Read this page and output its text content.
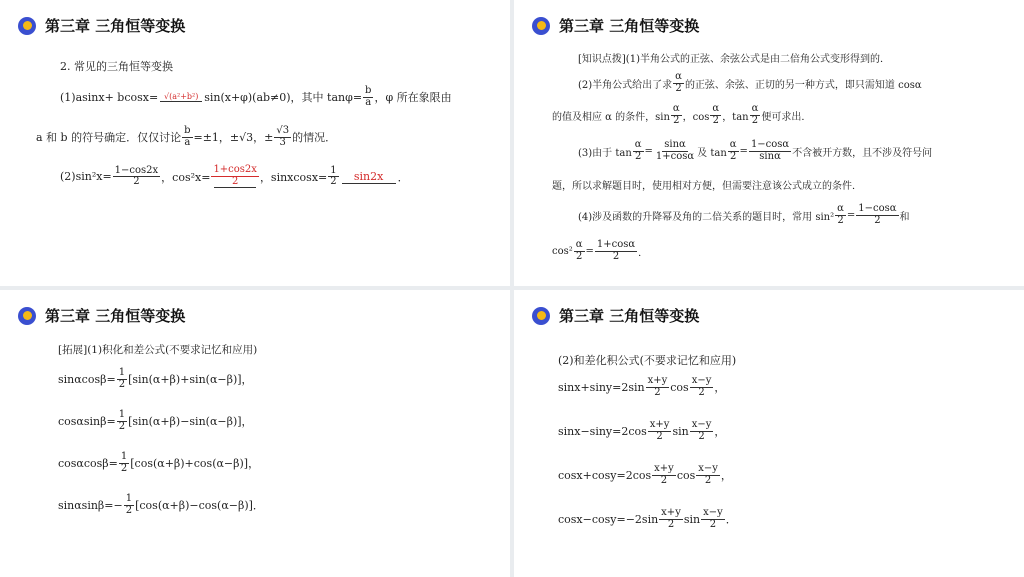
第三章 三角恒等变换
2. 常见的三角恒等变换
(1)asinx+ bcosx= √(a²+b²) sin(x+φ)(ab≠0)，其中 $\tan\varphi= \frac{b}{a}$ ，φ 所在象限由
a 和 b 的符号确定．仅仅讨论 $\frac{b}{a} =\pm 1$，±√3，± $\frac{√3}{3}$ 的情况．
$(2)\sin^2x= \frac{1-\cos 2x}{2}$ ，$\cos^2x= \frac{1+\cos 2x}{2}$ ，sinxcosx= $\frac{1}{2}$	sin2x	．
第三章 三角恒等变换
[知识点拨](1)半角公式的正弦、余弦公式是由二倍角公式变形得到的．
(2)半角公式给出了求 $\frac{\alpha}{2}$ 的正弦、余弦、正切的另一种方式，即只需知道 cosα
的值及相应 α 的条件，$\sin \frac{\alpha}{2}$ ，$\cos \frac{\alpha}{2}$ ，$\tan \frac{\alpha}{2}$ 便可求出．
(3)由于 $\tan \frac{\alpha}{2} = \frac{\sin\alpha}{1+\cos\alpha}$ 及 $\tan \frac{\alpha}{2} = \frac{1-\cos\alpha}{\sin\alpha}$ 不含被开方数，且不涉及符号问
题，所以求解题目时，使用相对方便，但需要注意该公式成立的条件．
(4)涉及函数的升降幂及角的二倍关系的题目时，常用 $\sin^2 \frac{\alpha}{2} = \frac{1-\cos\alpha}{2}$ 和
$\cos^2 \frac{\alpha}{2} = \frac{1+\cos\alpha}{2}$ ．
第三章 三角恒等变换
[拓展](1)积化和差公式(不要求记忆和应用)
$\sin\alpha\cos\beta= \frac{1}{2} [\sin(\alpha+\beta)+\sin(\alpha-\beta)]$，
$\cos\alpha\sin\beta= \frac{1}{2} [\sin(\alpha+\beta)-\sin(\alpha-\beta)]$，
$\cos\alpha\cos\beta= \frac{1}{2} [\cos(\alpha+\beta)+\cos(\alpha-\beta)]$，
$\sin\alpha\sin\beta=- \frac{1}{2} [\cos(\alpha+\beta)-\cos(\alpha-\beta)]$．
第三章 三角恒等变换
(2)和差化积公式(不要求记忆和应用)
$\sin x+\sin y=2\sin \frac{x+y}{2}$ $\cos \frac{x-y}{2}$ ，
$\sin x-\sin y=2\cos \frac{x+y}{2}$ $\sin \frac{x-y}{2}$ ，
$\cos x+\cos y=2\cos \frac{x+y}{2}$ $\cos \frac{x-y}{2}$ ，
$\cos x-\cos y=-2\sin \frac{x+y}{2}$ $\sin \frac{x-y}{2}$ ．
